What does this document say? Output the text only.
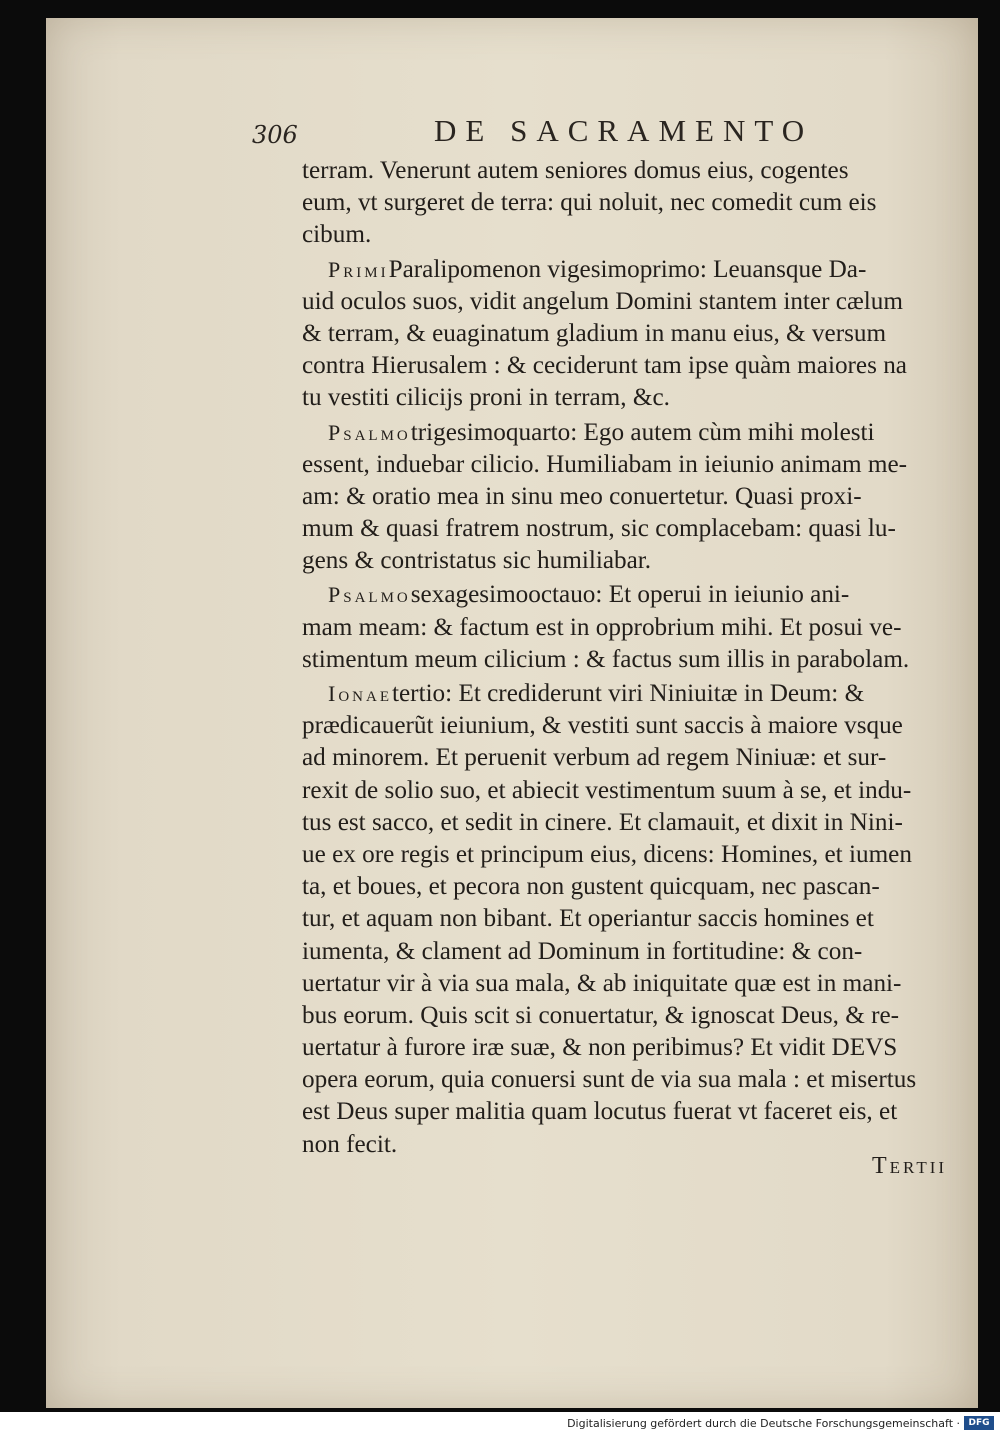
306	DE SACRAMENTO
terram. Venerunt autem seniores domus eius, cogentes
eum, vt surgeret de terra: qui noluit, nec comedit cum eis
cibum.
PrimiParalipomenon vigesimoprimo: Leuansque Da-
uid oculos suos, vidit angelum Domini stantem inter cælum
& terram, & euaginatum gladium in manu eius, & versum
contra Hierusalem : & ceciderunt tam ipse quàm maiores na
tu vestiti cilicijs proni in terram, &c.
Psalmotrigesimoquarto: Ego autem cùm mihi molesti
essent, induebar cilicio. Humiliabam in ieiunio animam me-
am: & oratio mea in sinu meo conuertetur. Quasi proxi-
mum & quasi fratrem nostrum, sic complacebam: quasi lu-
gens & contristatus sic humiliabar.
Psalmosexagesimooctauo: Et operui in ieiunio ani-
mam meam: & factum est in opprobrium mihi. Et posui ve-
stimentum meum cilicium : & factus sum illis in parabolam.
Ionaetertio: Et crediderunt viri Niniuitæ in Deum: &
prædicauerũt ieiunium, & vestiti sunt saccis à maiore vsque
ad minorem. Et peruenit verbum ad regem Niniuæ: et sur-
rexit de solio suo, et abiecit vestimentum suum à se, et indu-
tus est sacco, et sedit in cinere. Et clamauit, et dixit in Nini-
ue ex ore regis et principum eius, dicens: Homines, et iumen
ta, et boues, et pecora non gustent quicquam, nec pascan-
tur, et aquam non bibant. Et operiantur saccis homines et
iumenta, & clament ad Dominum in fortitudine: & con-
uertatur vir à via sua mala, & ab iniquitate quæ est in mani-
bus eorum. Quis scit si conuertatur, & ignoscat Deus, & re-
uertatur à furore iræ suæ, & non peribimus? Et vidit DEVS
opera eorum, quia conuersi sunt de via sua mala : et misertus
est Deus super malitia quam locutus fuerat vt faceret eis, et
non fecit.
Tertii
Digitalisierung gefördert durch die Deutsche Forschungsgemeinschaft · DFG
